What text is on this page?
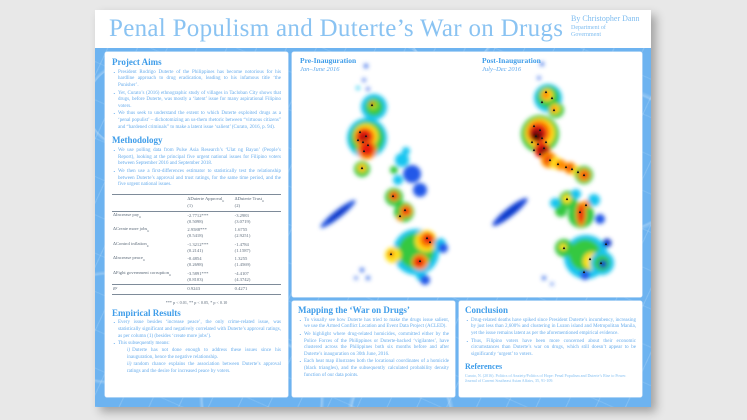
Penal Populism and Duterte’s War on Drugs By Christopher Dann
Department of Government
Project Aims
• President Rodrigo Duterte of the Philippines has become notorious for his hardline approach to drug eradication, leading to his infamous title ‘the Punisher’.
• Yet, Curato’s (2016) ethnographic study of villages in Tacloban City shows that drugs, before Duterte, was mostly a ‘latent’ issue for many aspirational Filipino voters.
• We thus seek to understand the extent to which Duterte exploited drugs as a ‘penal populist’ – dichotomizing an us-them rhetoric between “virtuous citizens” and “hardened criminals” to make a latent issue ‘salient’ (Curato, 2016, p. 94).
Methodology
• We use polling data from Pulse Asia Research’s ‘Ulat ng Bayan’ (People’s Report), looking at the principal five urgent national issues for Filipino voters between September 2016 and September 2018.
• We then use a first-differences estimator to statistically test the relationship between Duterte’s approval and trust ratings, for the same time period, and the five urgent national issues.
	ΔDuterte Approval$_{it}$	ΔDuterte Trust$_{it}$
	(1)	(2)
ΔIncrease pay$_{it}$	-2.7712***	-3.2983
	(0.5098)	(3.0719)
ΔCreate more jobs$_{it}$	2.9588***	1.6755
	(0.5418)	(2.9251)
ΔControl inflation$_{it}$	-1.3212***	-1.4784
	(0.2141)	(1.1587)
ΔIncrease peace$_{it}$	-0.4854	1.3255
	(0.2698)	(1.4569)
ΔFight government corruption$_{it}$	-3.5891***	-4.4107
	(0.8103)	(4.3742)
R²	0.9243	0.4271
*** p < 0.01, ** p < 0.05, * p < 0.10
Empirical Results
• Every issue besides ‘increase peace’, the only crime-related issue, was statistically significant and negatively correlated with Duterte’s approval ratings, as per column (1) (besides ‘create more jobs’).
• This subsequently means:
i) Duterte has not done enough to address these issues since his inauguration, hence the negative relationship.
ii) random chance explains the association between Duterte’s approval ratings and the desire for increased peace by voters.
Pre-Inauguration
Jan–June 2016
Post-Inauguration
July–Dec 2016
Mapping the ‘War on Drugs’
• To visually see how Duterte has tried to make the drugs issue salient, we use the Armed Conflict Location and Event Data Project (ACLED).
• We highlight where drug-related homicides, committed either by the Police Forces of the Philippines or Duterte-backed ‘vigilantes’, have clustered across the Philippines both six months before and after Duterte’s inauguration on 30th June, 2016.
• Each heat map illustrates both the locational coordinates of a homicide (black triangles), and the subsequently calculated probability density function of our data points.
Conclusion
• Drug-related deaths have spiked since President Duterte’s incumbency, increasing by just less than 2,600% and clustering in Luzon island and Metropolitan Manila, yet the issue remains latent as per the aforementioned empirical evidence.
• Thus, Filipino voters have been more concerned about their economic circumstances than Duterte’s war on drugs, which still doesn’t appear to be significantly ‘urgent’ to voters.
References
Curato, N. (2016). Politics of Anxiety/Politics of Hope: Penal Populism and Duterte’s Rise to Power. Journal of Current Southeast Asian Affairs, 35, 91-109.
